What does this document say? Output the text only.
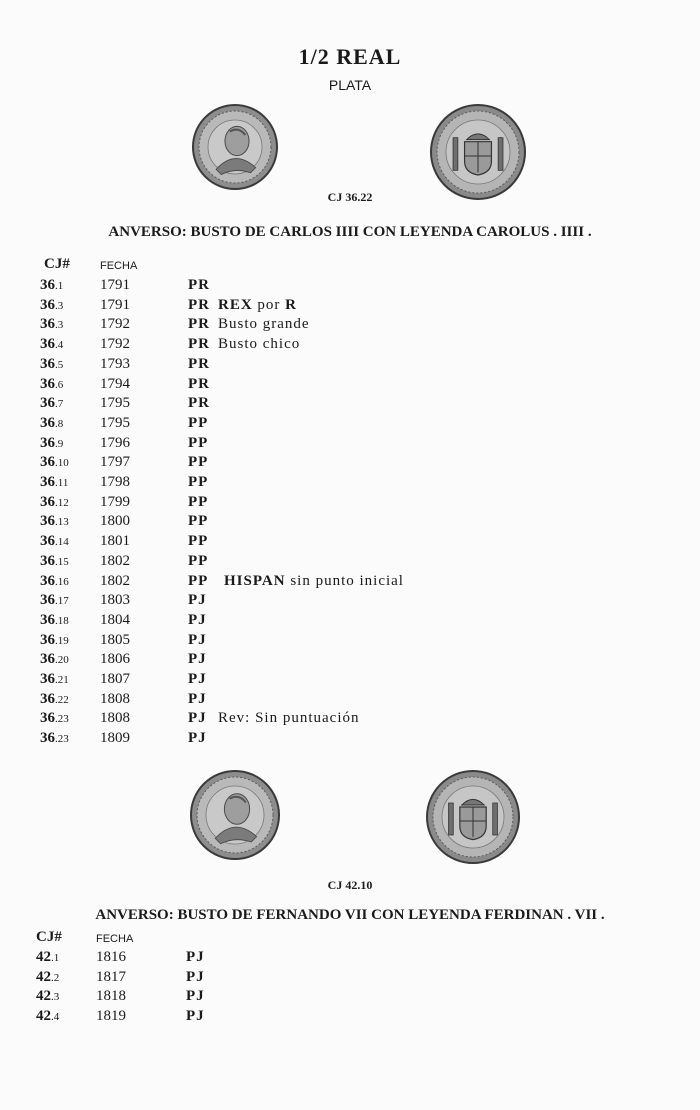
1/2 REAL
PLATA
CJ 36.22
ANVERSO: BUSTO DE CARLOS IIII CON LEYENDA CAROLUS . IIII .
CJ#	FECHA
36.1 1791	PR
36.3 1791	PR REX por R
36.3 1792	PR Busto grande
36.4 1792	PR Busto chico
36.5 1793	PR
36.6 1794	PR
36.7 1795	PR
36.8 1795	PP
36.9 1796	PP
36.10 1797	PP
36.11 1798	PP
36.12 1799	PP
36.13 1800	PP
36.14 1801	PP
36.15 1802	PP
36.16 1802	PP HISPAN sin punto inicial
36.17 1803	PJ
36.18 1804	PJ
36.19 1805	PJ
36.20 1806	PJ
36.21 1807	PJ
36.22 1808	PJ
36.23 1808	PJ Rev: Sin puntuación
36.23 1809	PJ
CJ 42.10
ANVERSO: BUSTO DE FERNANDO VII CON LEYENDA FERDINAN . VII .
CJ#	FECHA
42.1 1816	PJ
42.2 1817	PJ
42.3 1818	PJ
42.4 1819	PJ
